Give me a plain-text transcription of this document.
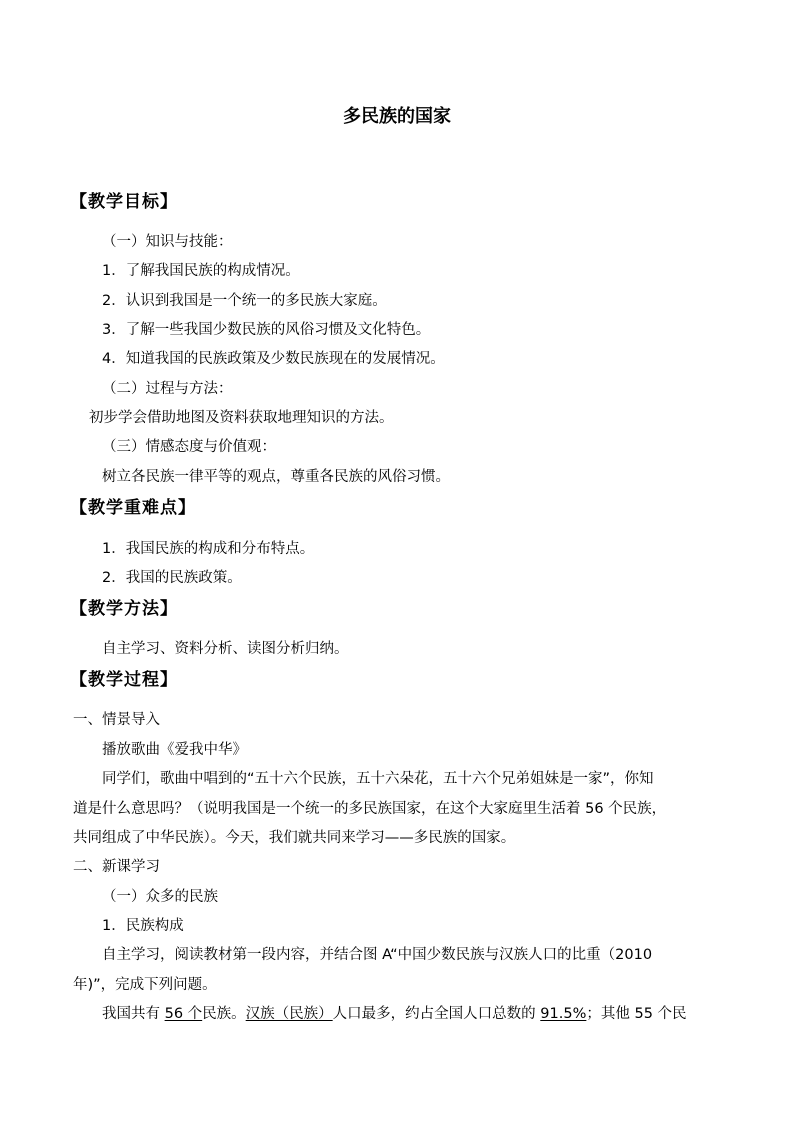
多民族的国家
【教学目标】
（一）知识与技能：
1．了解我国民族的构成情况。
2．认识到我国是一个统一的多民族大家庭。
3．了解一些我国少数民族的风俗习惯及文化特色。
4．知道我国的民族政策及少数民族现在的发展情况。
（二）过程与方法：
初步学会借助地图及资料获取地理知识的方法。
（三）情感态度与价值观：
树立各民族一律平等的观点，尊重各民族的风俗习惯。
【教学重难点】
1．我国民族的构成和分布特点。
2．我国的民族政策。
【教学方法】
自主学习、资料分析、读图分析归纳。
【教学过程】
一、情景导入
播放歌曲《爱我中华》
同学们，歌曲中唱到的“五十六个民族，五十六朵花，五十六个兄弟姐妹是一家”，你知
道是什么意思吗？（说明我国是一个统一的多民族国家，在这个大家庭里生活着 56 个民族，
共同组成了中华民族）。今天，我们就共同来学习——多民族的国家。
二、新课学习
（一）众多的民族
1．民族构成
自主学习，阅读教材第一段内容，并结合图 A“中国少数民族与汉族人口的比重（2010
年)”，完成下列问题。
我国共有 56 个民族。汉族（民族）人口最多，约占全国人口总数的 91.5%；其他 55 个民
